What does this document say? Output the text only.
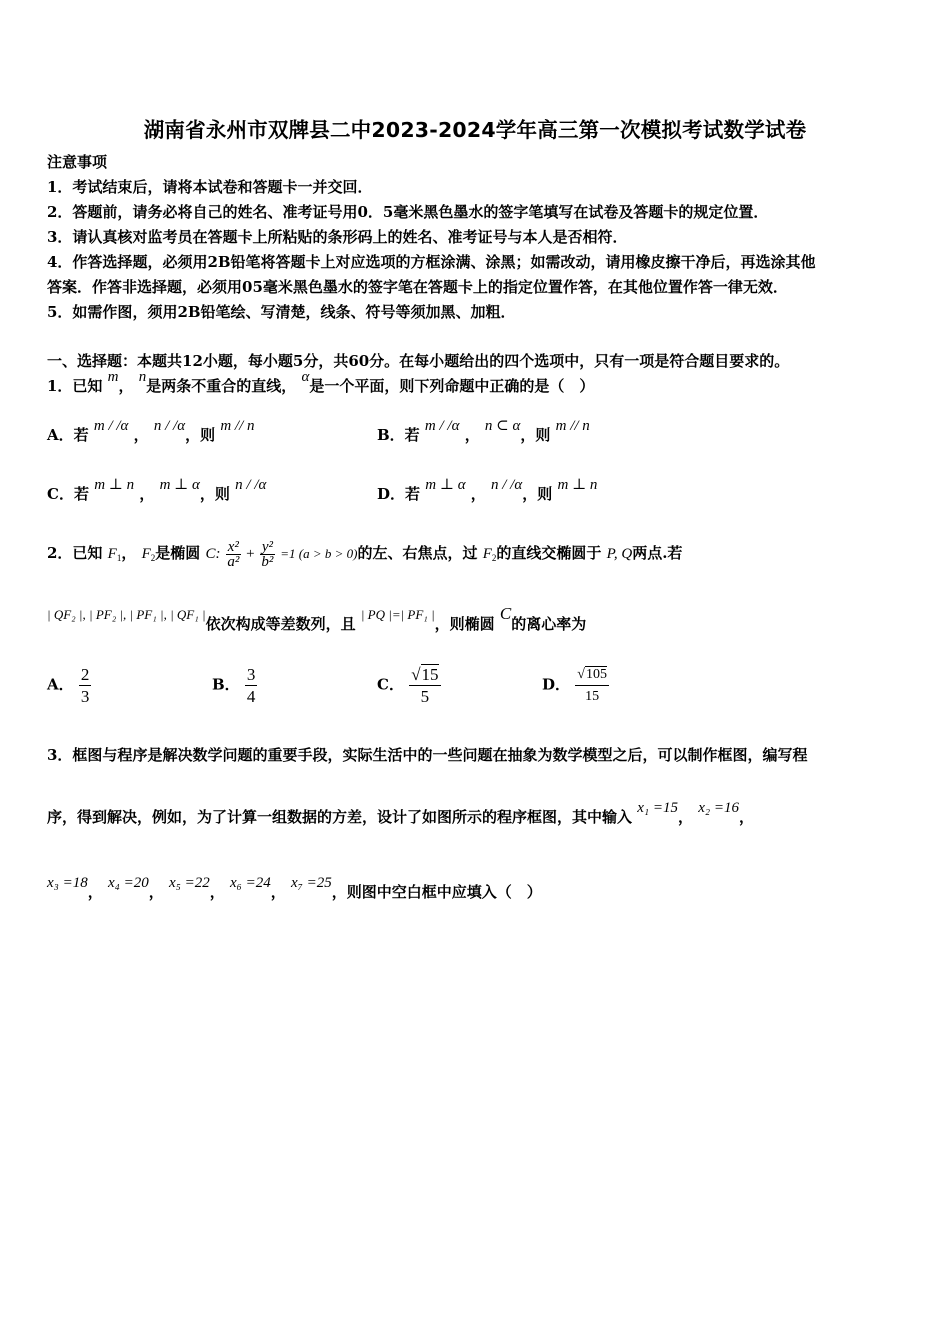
湖南省永州市双牌县二中2023-2024学年高三第一次模拟考试数学试卷
注意事项
1．考试结束后，请将本试卷和答题卡一并交回．
2．答题前，请务必将自己的姓名、准考证号用0．5毫米黑色墨水的签字笔填写在试卷及答题卡的规定位置．
3．请认真核对监考员在答题卡上所粘贴的条形码上的姓名、准考证号与本人是否相符．
4．作答选择题，必须用2B铅笔将答题卡上对应选项的方框涂满、涂黑；如需改动，请用橡皮擦干净后，再选涂其他
答案．作答非选择题，必须用05毫米黑色墨水的签字笔在答题卡上的指定位置作答，在其他位置作答一律无效．
5．如需作图，须用2B铅笔绘、写清楚，线条、符号等须加黑、加粗．
一、选择题：本题共12小题，每小题5分，共60分。在每小题给出的四个选项中，只有一项是符合题目要求的。
1．已知 m， n是两条不重合的直线， α是一个平面，则下列命题中正确的是（　）
A．若 m / /α ， n / /α，则 m // n	B．若 m / /α ， n ⊂ α，则 m // n
C．若 m ⊥ n ， m ⊥ α，则 n / /α	D．若 m ⊥ α ， n / /α，则 m ⊥ n
2．已知 $F_1$， $F_2$是椭圆 C: $\frac{\text{x²}}{\text{a²}} + \frac{\text{y²}}{\text{b²}} =1$ (a > b > 0)的左、右焦点，过 $F_2$的直线交椭圆于 P, Q两点.若
| QF₂ |, | PF₂ |, | PF₁ |, | QF₁ |依次构成等差数列，且 | PQ |=| PF₁ |，则椭圆 C的离心率为
A． $\frac{2}{3}$	B． $\frac{3}{4}$	C． $\frac{√15}{5}$	D． $\frac{√105}{15}$
3．框图与程序是解决数学问题的重要手段，实际生活中的一些问题在抽象为数学模型之后，可以制作框图，编写程
序，得到解决，例如，为了计算一组数据的方差，设计了如图所示的程序框图，其中输入 x₁ =15， x₂ =16，
x₃ =18， x₄ =20， x₅ =22， x₆ =24， x₇ =25，则图中空白框中应填入（　）
